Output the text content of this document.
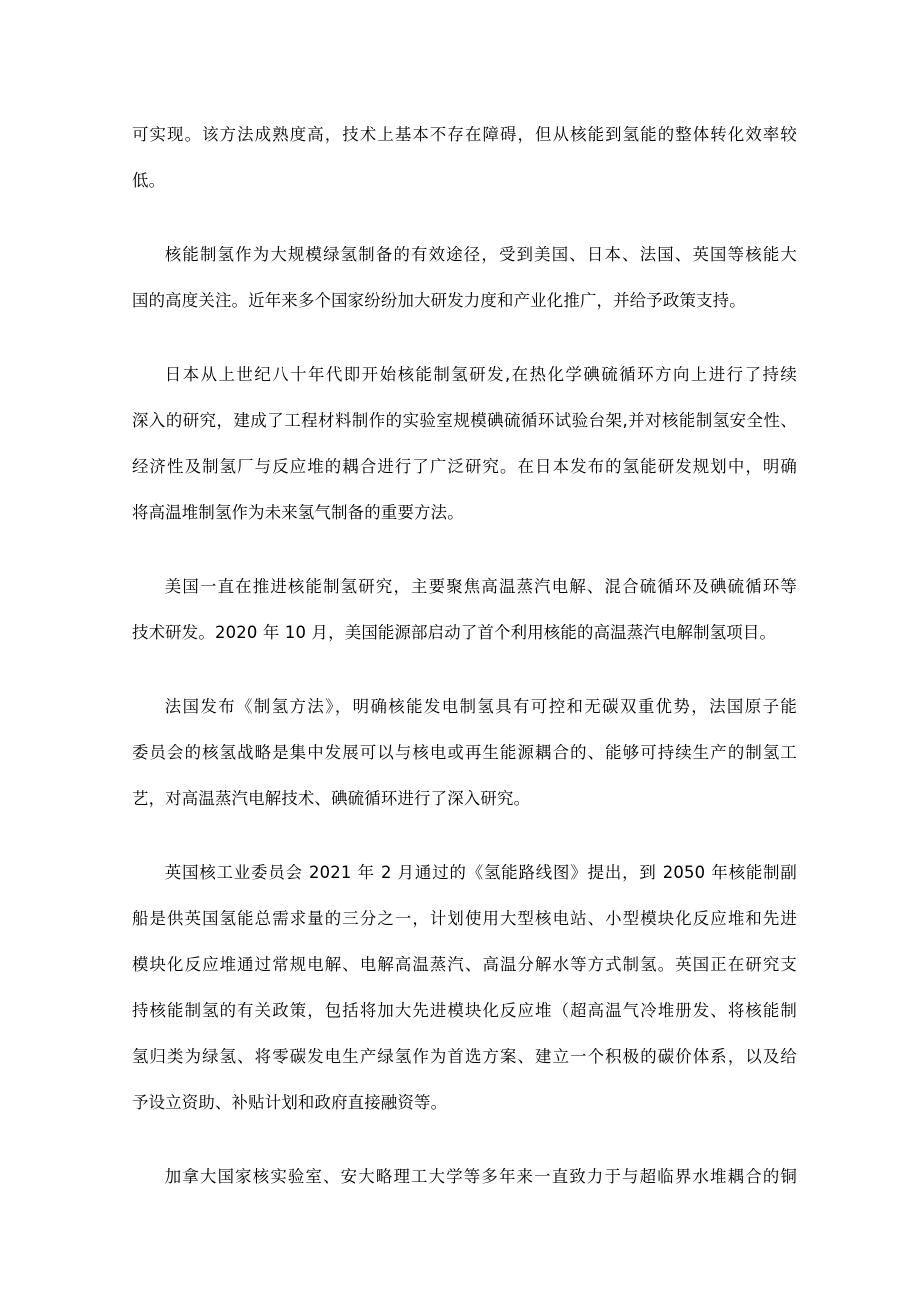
可实现。该方法成熟度高，技术上基本不存在障碍，但从核能到氢能的整体转化效率较
低。

核能制氢作为大规模绿氢制备的有效途径，受到美国、日本、法国、英国等核能大
国的高度关注。近年来多个国家纷纷加大研发力度和产业化推广，并给予政策支持。

日本从上世纪八十年代即开始核能制氢研发,在热化学碘硫循环方向上进行了持续
深入的研究，建成了工程材料制作的实验室规模碘硫循环试验台架,并对核能制氢安全性、
经济性及制氢厂与反应堆的耦合进行了广泛研究。在日本发布的氢能研发规划中，明确
将高温堆制氢作为未来氢气制备的重要方法。

美国一直在推进核能制氢研究，主要聚焦高温蒸汽电解、混合硫循环及碘硫循环等
技术研发。2020 年 10 月，美国能源部启动了首个利用核能的高温蒸汽电解制氢项目。

法国发布《制氢方法》，明确核能发电制氢具有可控和无碳双重优势，法国原子能
委员会的核氢战略是集中发展可以与核电或再生能源耦合的、能够可持续生产的制氢工
艺，对高温蒸汽电解技术、碘硫循环进行了深入研究。

英国核工业委员会 2021 年 2 月通过的《氢能路线图》提出，到 2050 年核能制副
船是供英国氢能总需求量的三分之一，计划使用大型核电站、小型模块化反应堆和先进
模块化反应堆通过常规电解、电解高温蒸汽、高温分解水等方式制氢。英国正在研究支
持核能制氢的有关政策，包括将加大先进模块化反应堆（超高温气冷堆册发、将核能制
氢归类为绿氢、将零碳发电生产绿氢作为首选方案、建立一个积极的碳价体系，以及给
予设立资助、补贴计划和政府直接融资等。

加拿大国家核实验室、安大略理工大学等多年来一直致力于与超临界水堆耦合的铜
